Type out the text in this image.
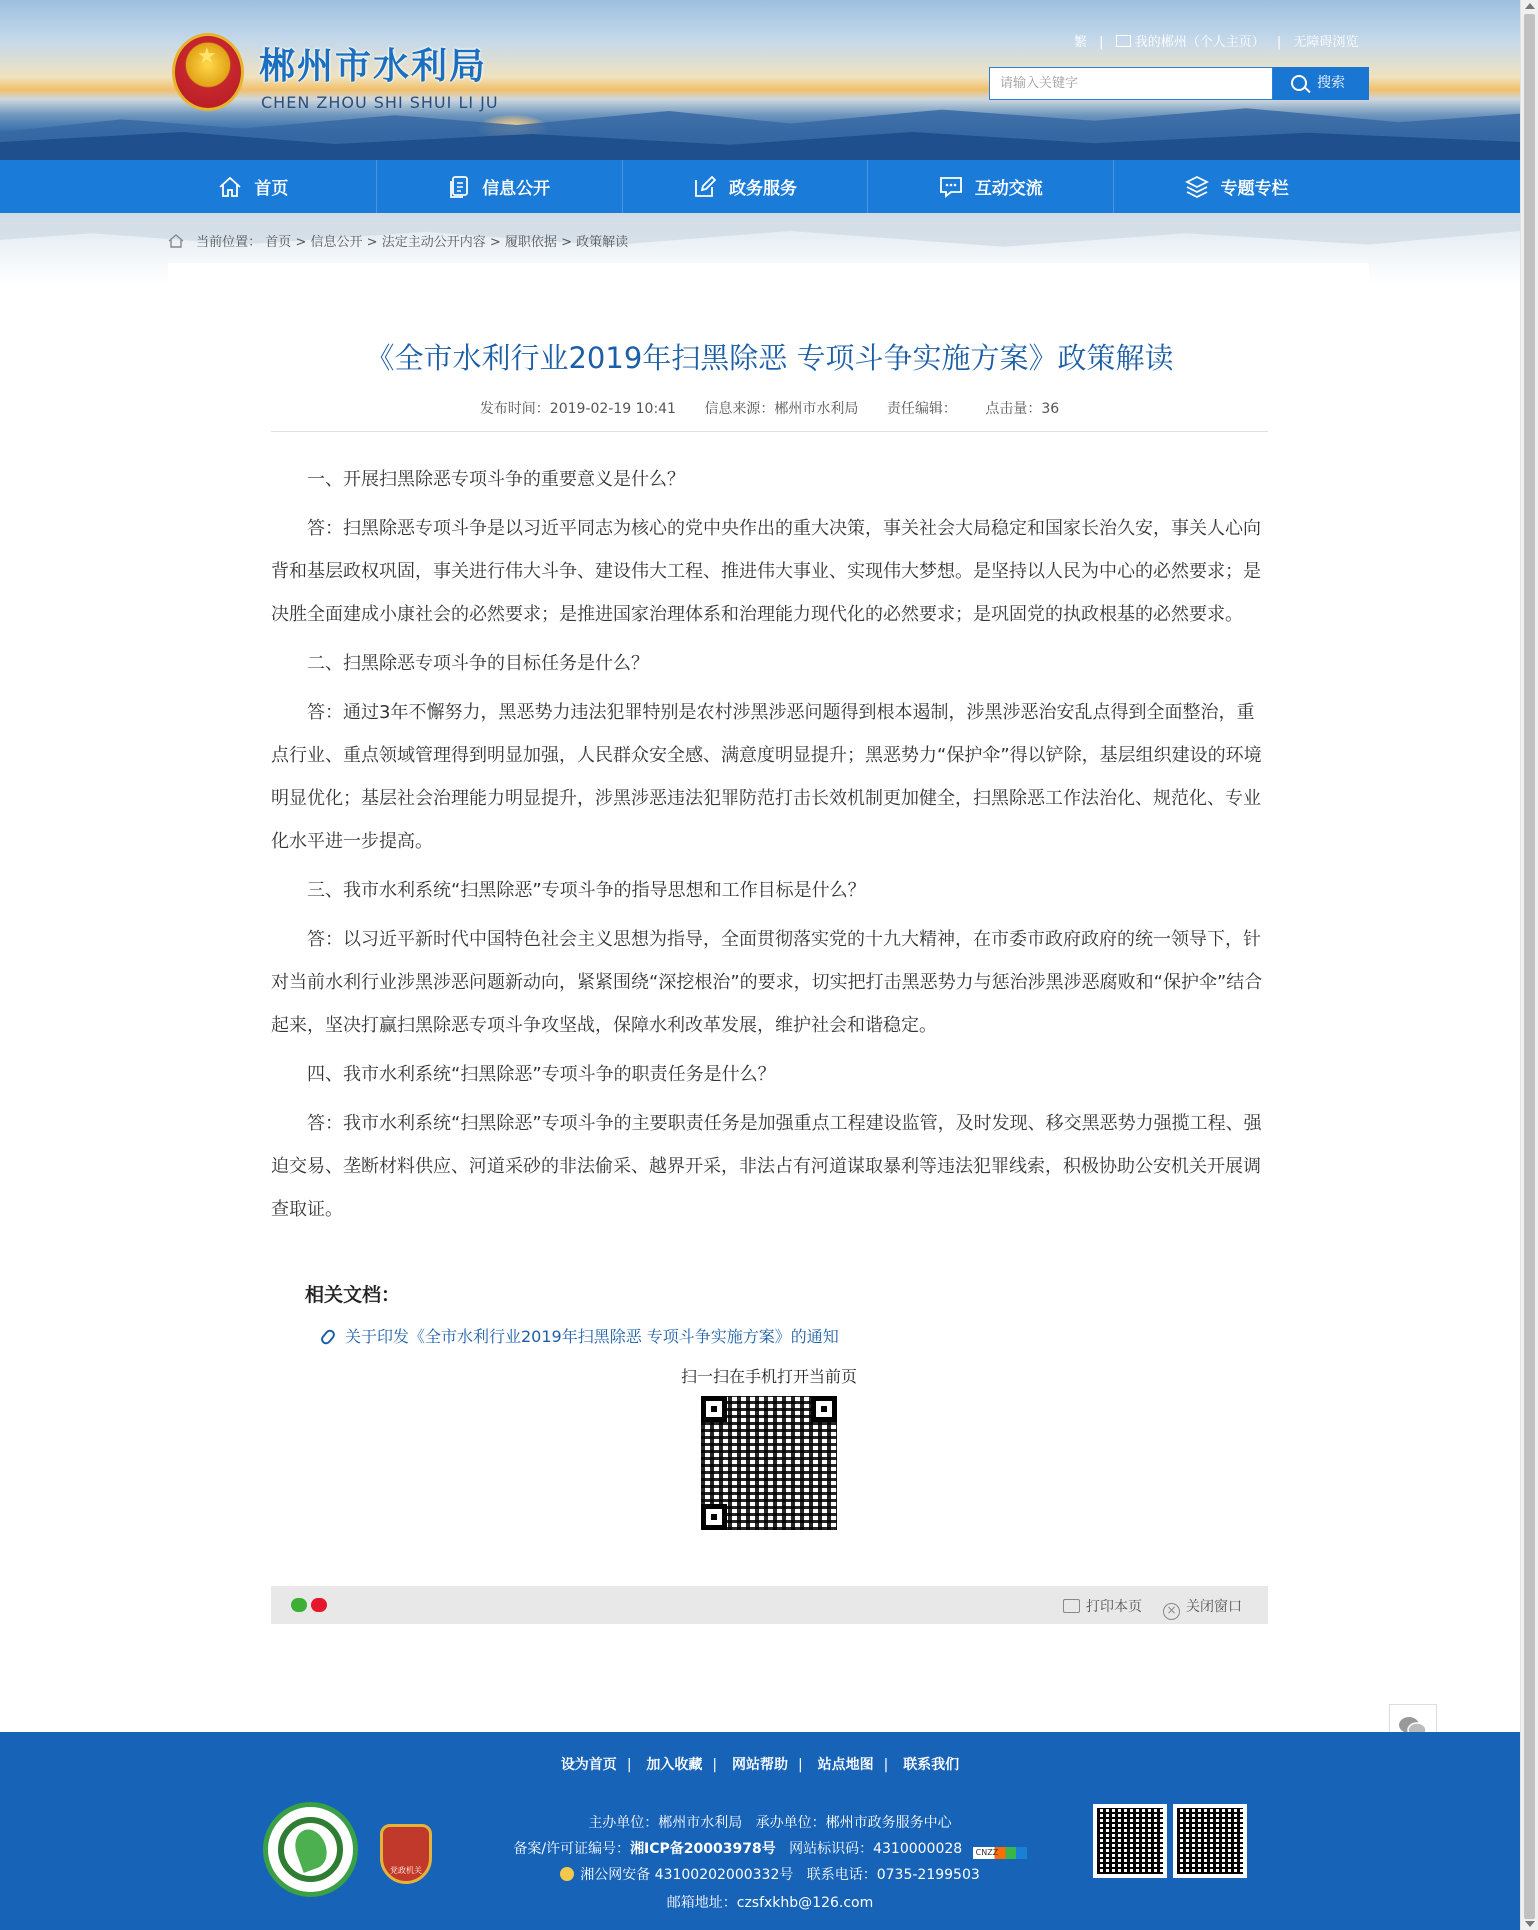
★ 郴州市水利局
CHEN ZHOU SHI SHUI LI JU
繁 | 我的郴州（个人主页） | 无障碍浏览
请输入关键字	搜索
首页	信息公开	政务服务	互动交流	专题专栏
当前位置： 首页 > 信息公开 > 法定主动公开内容 > 履职依据 > 政策解读
《全市水利行业2019年扫黑除恶 专项斗争实施方案》政策解读
发布时间：2019-02-19 10:41 信息来源：郴州市水利局 责任编辑： 点击量：36

一、开展扫黑除恶专项斗争的重要意义是什么？

答：扫黑除恶专项斗争是以习近平同志为核心的党中央作出的重大决策，事关社会大局稳定和国家长治久安，事关人心向背和基层政权巩固，事关进行伟大斗争、建设伟大工程、推进伟大事业、实现伟大梦想。是坚持以人民为中心的必然要求；是决胜全面建成小康社会的必然要求；是推进国家治理体系和治理能力现代化的必然要求；是巩固党的执政根基的必然要求。

二、扫黑除恶专项斗争的目标任务是什么？

答：通过3年不懈努力，黑恶势力违法犯罪特别是农村涉黑涉恶问题得到根本遏制，涉黑涉恶治安乱点得到全面整治，重点行业、重点领域管理得到明显加强，人民群众安全感、满意度明显提升；黑恶势力“保护伞”得以铲除，基层组织建设的环境明显优化；基层社会治理能力明显提升，涉黑涉恶违法犯罪防范打击长效机制更加健全，扫黑除恶工作法治化、规范化、专业化水平进一步提高。

三、我市水利系统“扫黑除恶”专项斗争的指导思想和工作目标是什么？

答：以习近平新时代中国特色社会主义思想为指导，全面贯彻落实党的十九大精神，在市委市政府政府的统一领导下，针对当前水利行业涉黑涉恶问题新动向，紧紧围绕“深挖根治”的要求，切实把打击黑恶势力与惩治涉黑涉恶腐败和“保护伞”结合起来，坚决打赢扫黑除恶专项斗争攻坚战，保障水利改革发展，维护社会和谐稳定。

四、我市水利系统“扫黑除恶”专项斗争的职责任务是什么？

答：我市水利系统“扫黑除恶”专项斗争的主要职责任务是加强重点工程建设监管，及时发现、移交黑恶势力强揽工程、强迫交易、垄断材料供应、河道采砂的非法偷采、越界开采，非法占有河道谋取暴利等违法犯罪线索，积极协助公安机关开展调查取证。

相关文档：
关于印发《全市水利行业2019年扫黑除恶 专项斗争实施方案》的通知
扫一扫在手机打开当前页
打印本页 × 关闭窗口
设为首页 | 加入收藏 | 网站帮助 | 站点地图 | 联系我们
党政机关
主办单位：郴州市水利局 承办单位：郴州市政务服务中心
备案/许可证编号：湘ICP备20003978号 网站标识码：4310000028 CNZZ
湘公网安备 43100202000332号 联系电话：0735-2199503
邮箱地址：czsfxkhb@126.com
